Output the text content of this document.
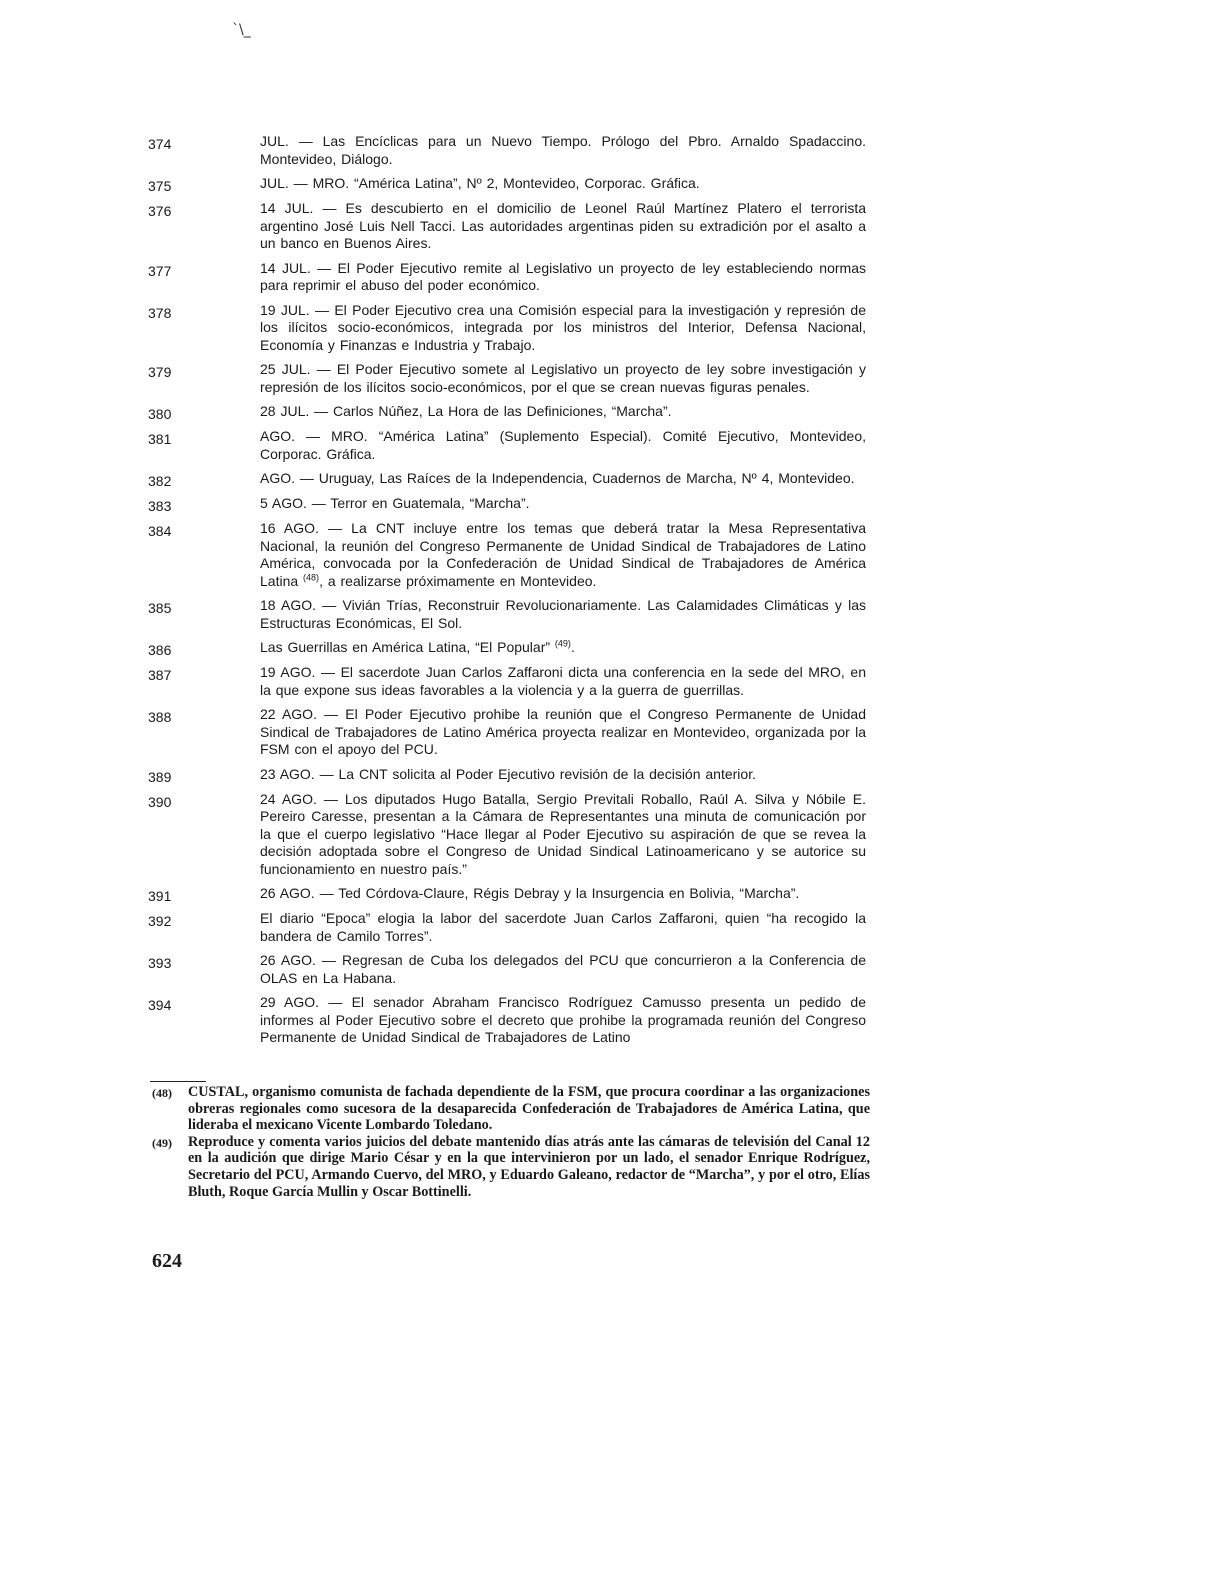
ˋ\_
374	JUL. — Las Encíclicas para un Nuevo Tiempo. Prólogo del Pbro. Arnaldo Spadaccino. Montevideo, Diálogo.
375	JUL. — MRO. “América Latina”, Nº 2, Montevideo, Corporac. Gráfica.
376	14 JUL. — Es descubierto en el domicilio de Leonel Raúl Martínez Platero el terrorista argentino José Luis Nell Tacci. Las autoridades argentinas piden su extradición por el asalto a un banco en Buenos Aires.
377	14 JUL. — El Poder Ejecutivo remite al Legislativo un proyecto de ley estableciendo normas para reprimir el abuso del poder económico.
378	19 JUL. — El Poder Ejecutivo crea una Comisión especial para la investigación y represión de los ilícitos socio-económicos, integrada por los ministros del Interior, Defensa Nacional, Economía y Finanzas e Industria y Trabajo.
379	25 JUL. — El Poder Ejecutivo somete al Legislativo un proyecto de ley sobre investigación y represión de los ilícitos socio-económicos, por el que se crean nuevas figuras penales.
380	28 JUL. — Carlos Núñez, La Hora de las Definiciones, “Marcha”.
381	AGO. — MRO. “América Latina” (Suplemento Especial). Comité Ejecutivo, Montevideo, Corporac. Gráfica.
382	AGO. — Uruguay, Las Raíces de la Independencia, Cuadernos de Marcha, Nº 4, Montevideo.
383	5 AGO. — Terror en Guatemala, “Marcha”.
384	16 AGO. — La CNT incluye entre los temas que deberá tratar la Mesa Representativa Nacional, la reunión del Congreso Permanente de Unidad Sindical de Trabajadores de Latino América, convocada por la Confederación de Unidad Sindical de Trabajadores de América Latina $^{(48)}$, a realizarse próximamente en Montevideo.
385	18 AGO. — Vivián Trías, Reconstruir Revolucionariamente. Las Calamidades Climáticas y las Estructuras Económicas, El Sol.
386	Las Guerrillas en América Latina, “El Popular” $^{(49)}$.
387	19 AGO. — El sacerdote Juan Carlos Zaffaroni dicta una conferencia en la sede del MRO, en la que expone sus ideas favorables a la violencia y a la guerra de guerrillas.
388	22 AGO. — El Poder Ejecutivo prohibe la reunión que el Congreso Permanente de Unidad Sindical de Trabajadores de Latino América proyecta realizar en Montevideo, organizada por la FSM con el apoyo del PCU.
389	23 AGO. — La CNT solicita al Poder Ejecutivo revisión de la decisión anterior.
390	24 AGO. — Los diputados Hugo Batalla, Sergio Previtali Roballo, Raúl A. Silva y Nóbile E. Pereiro Caresse, presentan a la Cámara de Representantes una minuta de comunicación por la que el cuerpo legislativo “Hace llegar al Poder Ejecutivo su aspiración de que se revea la decisión adoptada sobre el Congreso de Unidad Sindical Latinoamericano y se autorice su funcionamiento en nuestro país.”
391	26 AGO. — Ted Córdova-Claure, Régis Debray y la Insurgencia en Bolivia, “Marcha”.
392	El diario “Epoca” elogia la labor del sacerdote Juan Carlos Zaffaroni, quien “ha recogido la bandera de Camilo Torres”.
393	26 AGO. — Regresan de Cuba los delegados del PCU que concurrieron a la Conferencia de OLAS en La Habana.
394	29 AGO. — El senador Abraham Francisco Rodríguez Camusso presenta un pedido de informes al Poder Ejecutivo sobre el decreto que prohibe la programada reunión del Congreso Permanente de Unidad Sindical de Trabajadores de Latino
(48) CUSTAL, organismo comunista de fachada dependiente de la FSM, que procura coordinar a las organizaciones obreras regionales como sucesora de la desaparecida Confederación de Trabajadores de América Latina, que lideraba el mexicano Vicente Lombardo Toledano.
(49) Reproduce y comenta varios juicios del debate mantenido días atrás ante las cámaras de televisión del Canal 12 en la audición que dirige Mario César y en la que intervinieron por un lado, el senador Enrique Rodríguez, Secretario del PCU, Armando Cuervo, del MRO, y Eduardo Galeano, redactor de “Marcha”, y por el otro, Elías Bluth, Roque García Mullin y Oscar Bottinelli.
624
